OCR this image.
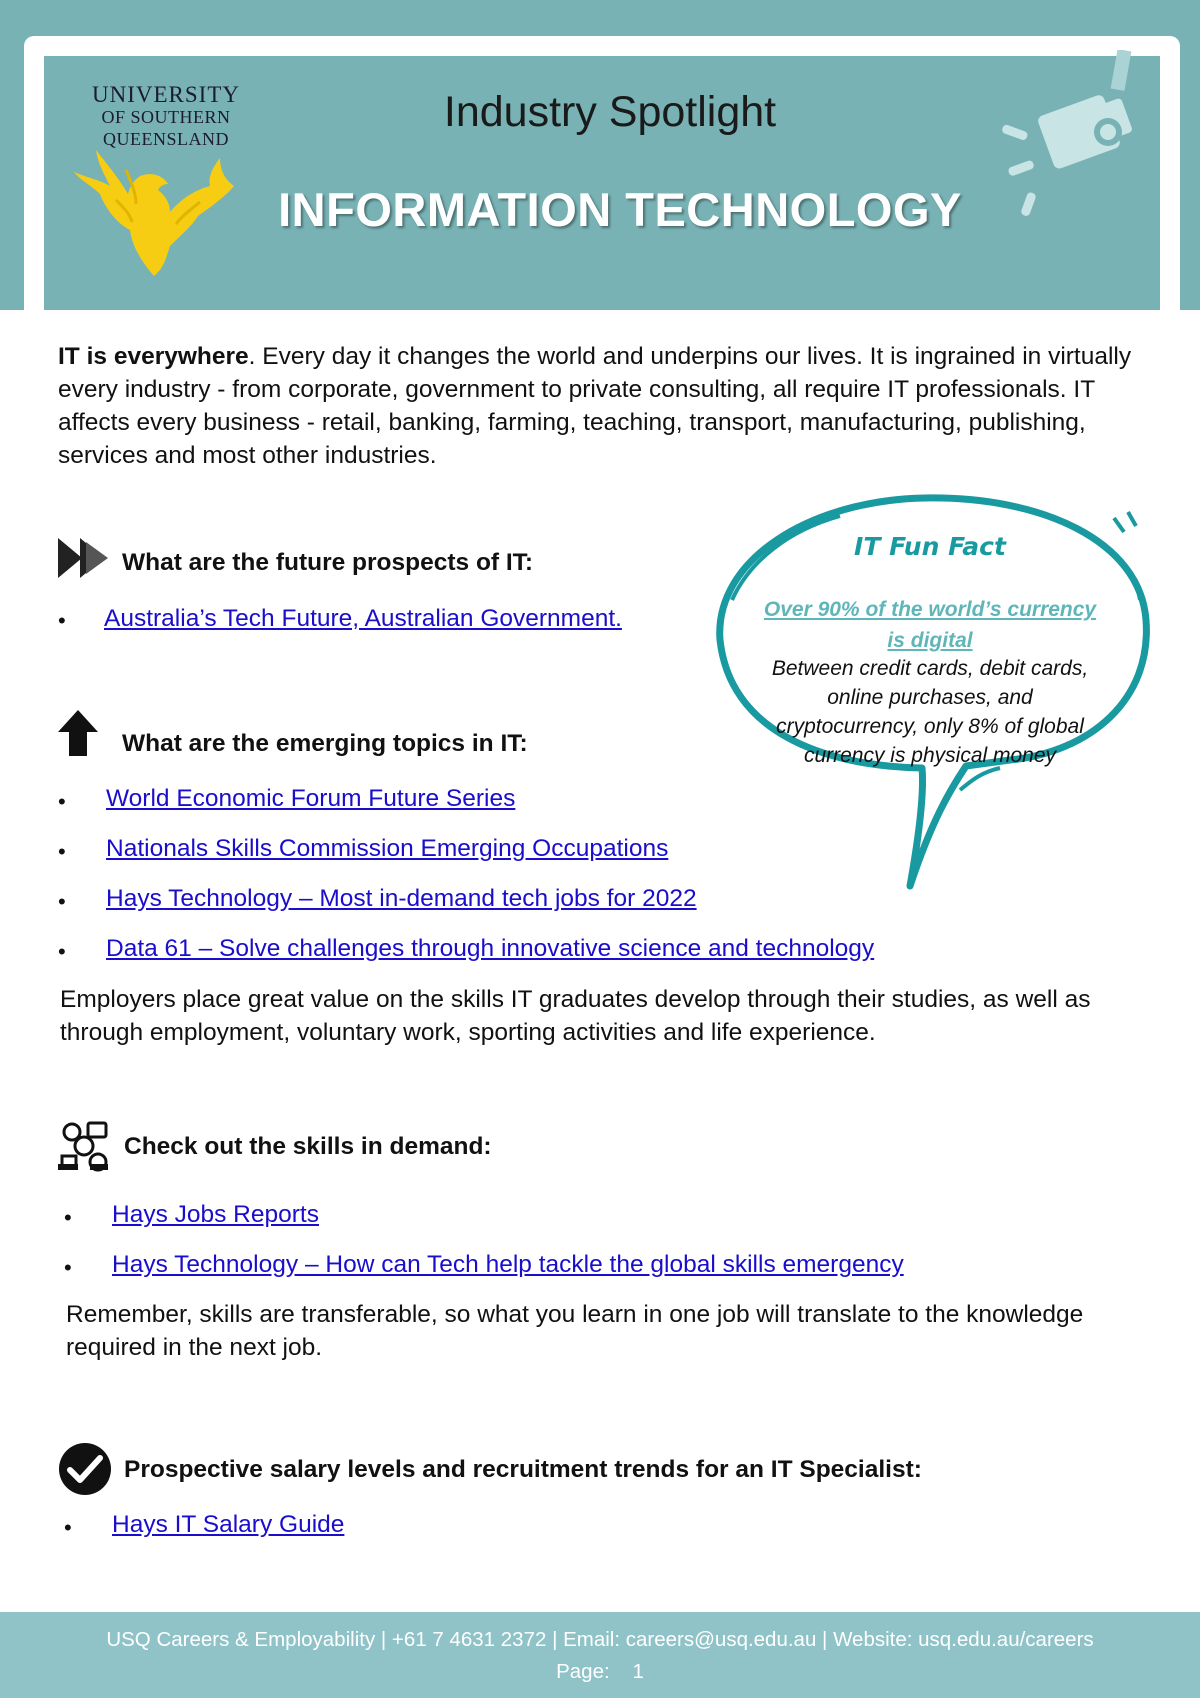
UNIVERSITY
OF SOUTHERN
QUEENSLAND
Industry Spotlight
INFORMATION TECHNOLOGY
IT is everywhere. Every day it changes the world and underpins our lives. It is ingrained in virtually every industry - from corporate, government to private consulting, all require IT professionals. IT affects every business - retail, banking, farming, teaching, transport, manufacturing, publishing, services and most other industries.
What are the future prospects of IT:
• Australia’s Tech Future, Australian Government.
What are the emerging topics in IT:
• World Economic Forum Future Series
• Nationals Skills Commission Emerging Occupations
• Hays Technology – Most in-demand tech jobs for 2022
• Data 61 – Solve challenges through innovative science and technology
Employers place great value on the skills IT graduates develop through their studies, as well as through employment, voluntary work, sporting activities and life experience.
IT Fun Fact
Over 90% of the world’s currency is digital
Between credit cards, debit cards, online purchases, and cryptocurrency, only 8% of global currency is physical money
Check out the skills in demand:
• Hays Jobs Reports
• Hays Technology – How can Tech help tackle the global skills emergency
Remember, skills are transferable, so what you learn in one job will translate to the knowledge required in the next job.
Prospective salary levels and recruitment trends for an IT Specialist:
• Hays IT Salary Guide
USQ Careers & Employability | +61 7 4631 2372 | Email: careers@usq.edu.au | Website: usq.edu.au/careers
Page: 1
